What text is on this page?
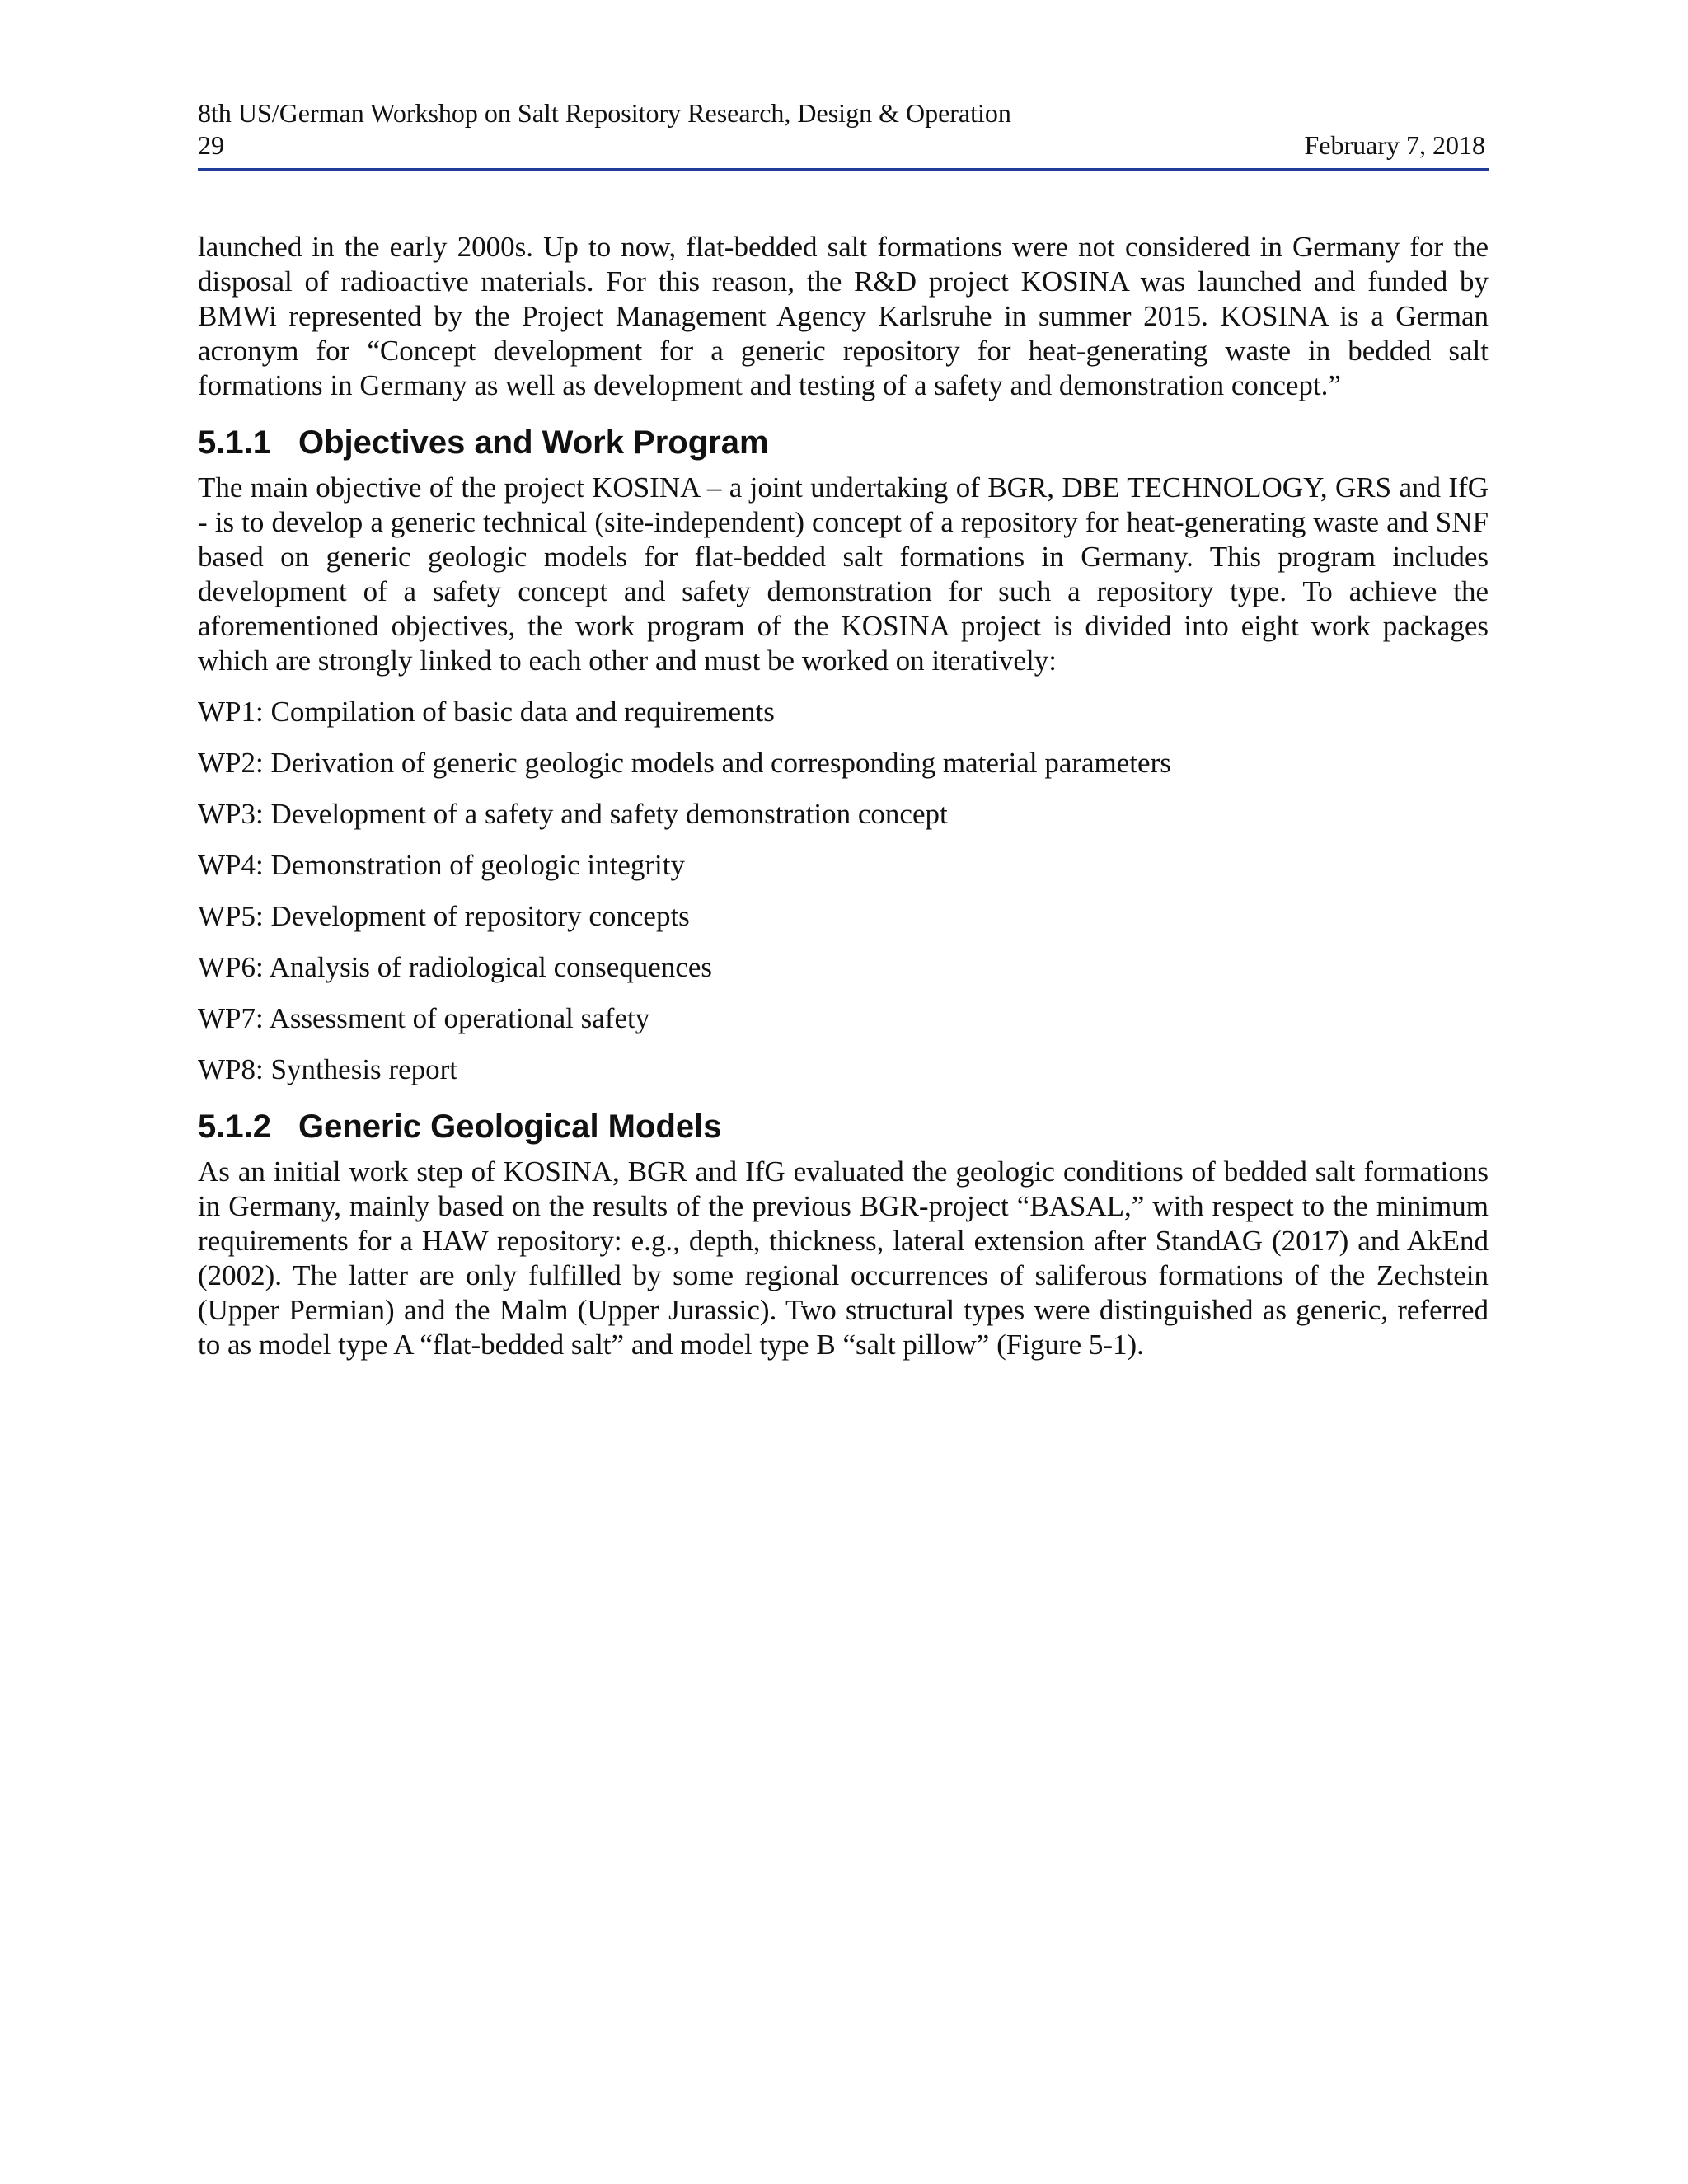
8th US/German Workshop on Salt Repository Research, Design & Operation
29	February 7, 2018

launched in the early 2000s. Up to now, flat-bedded salt formations were not considered in Germany for the disposal of radioactive materials. For this reason, the R&D project KOSINA was launched and funded by BMWi represented by the Project Management Agency Karlsruhe in summer 2015. KOSINA is a German acronym for “Concept development for a generic repository for heat-generating waste in bedded salt formations in Germany as well as development and testing of a safety and demonstration concept.”

5.1.1 Objectives and Work Program

The main objective of the project KOSINA – a joint undertaking of BGR, DBE TECHNOLOGY, GRS and IfG - is to develop a generic technical (site-independent) concept of a repository for heat-generating waste and SNF based on generic geologic models for flat-bedded salt formations in Germany. This program includes development of a safety concept and safety demonstration for such a repository type. To achieve the aforementioned objectives, the work program of the KOSINA project is divided into eight work packages which are strongly linked to each other and must be worked on iteratively:

WP1: Compilation of basic data and requirements
WP2: Derivation of generic geologic models and corresponding material parameters
WP3: Development of a safety and safety demonstration concept
WP4: Demonstration of geologic integrity
WP5: Development of repository concepts
WP6: Analysis of radiological consequences
WP7: Assessment of operational safety
WP8: Synthesis report
5.1.2 Generic Geological Models

As an initial work step of KOSINA, BGR and IfG evaluated the geologic conditions of bedded salt formations in Germany, mainly based on the results of the previous BGR-project “BASAL,” with respect to the minimum requirements for a HAW repository: e.g., depth, thickness, lateral extension after StandAG (2017) and AkEnd (2002). The latter are only fulfilled by some regional occurrences of saliferous formations of the Zechstein (Upper Permian) and the Malm (Upper Jurassic). Two structural types were distinguished as generic, referred to as model type A “flat-bedded salt” and model type B “salt pillow” (Figure 5-1).
